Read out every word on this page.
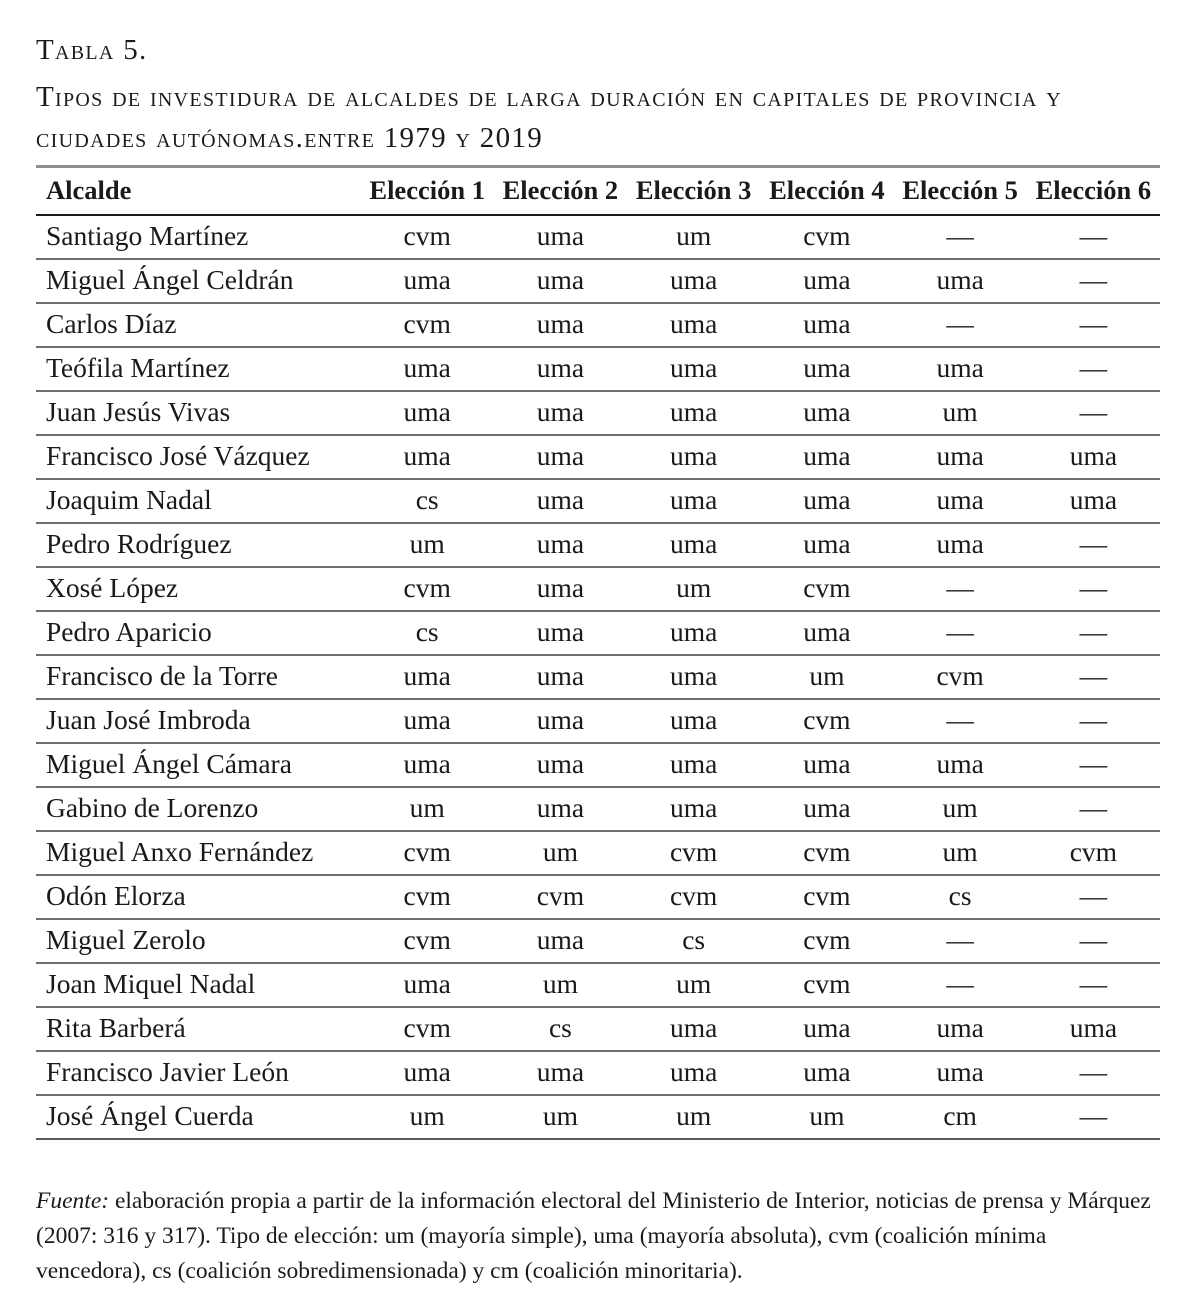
Tabla 5.
Tipos de investidura de alcaldes de larga duración en capitales de provincia y ciudades autónomas.entre 1979 y 2019
Alcalde	Elección 1	Elección 2	Elección 3	Elección 4	Elección 5	Elección 6
Santiago Martínez	cvm	uma	um	cvm	—	—
Miguel Ángel Celdrán	uma	uma	uma	uma	uma	—
Carlos Díaz	cvm	uma	uma	uma	—	—
Teófila Martínez	uma	uma	uma	uma	uma	—
Juan Jesús Vivas	uma	uma	uma	uma	um	—
Francisco José Vázquez	uma	uma	uma	uma	uma	uma
Joaquim Nadal	cs	uma	uma	uma	uma	uma
Pedro Rodríguez	um	uma	uma	uma	uma	—
Xosé López	cvm	uma	um	cvm	—	—
Pedro Aparicio	cs	uma	uma	uma	—	—
Francisco de la Torre	uma	uma	uma	um	cvm	—
Juan José Imbroda	uma	uma	uma	cvm	—	—
Miguel Ángel Cámara	uma	uma	uma	uma	uma	—
Gabino de Lorenzo	um	uma	uma	uma	um	—
Miguel Anxo Fernández	cvm	um	cvm	cvm	um	cvm
Odón Elorza	cvm	cvm	cvm	cvm	cs	—
Miguel Zerolo	cvm	uma	cs	cvm	—	—
Joan Miquel Nadal	uma	um	um	cvm	—	—
Rita Barberá	cvm	cs	uma	uma	uma	uma
Francisco Javier León	uma	uma	uma	uma	uma	—
José Ángel Cuerda	um	um	um	um	cm	—

Fuente: elaboración propia a partir de la información electoral del Ministerio de Interior, noticias de prensa y Márquez (2007: 316 y 317). Tipo de elección: um (mayoría simple), uma (mayoría absoluta), cvm (coalición mínima vencedora), cs (coalición sobredimensionada) y cm (coalición minoritaria).
